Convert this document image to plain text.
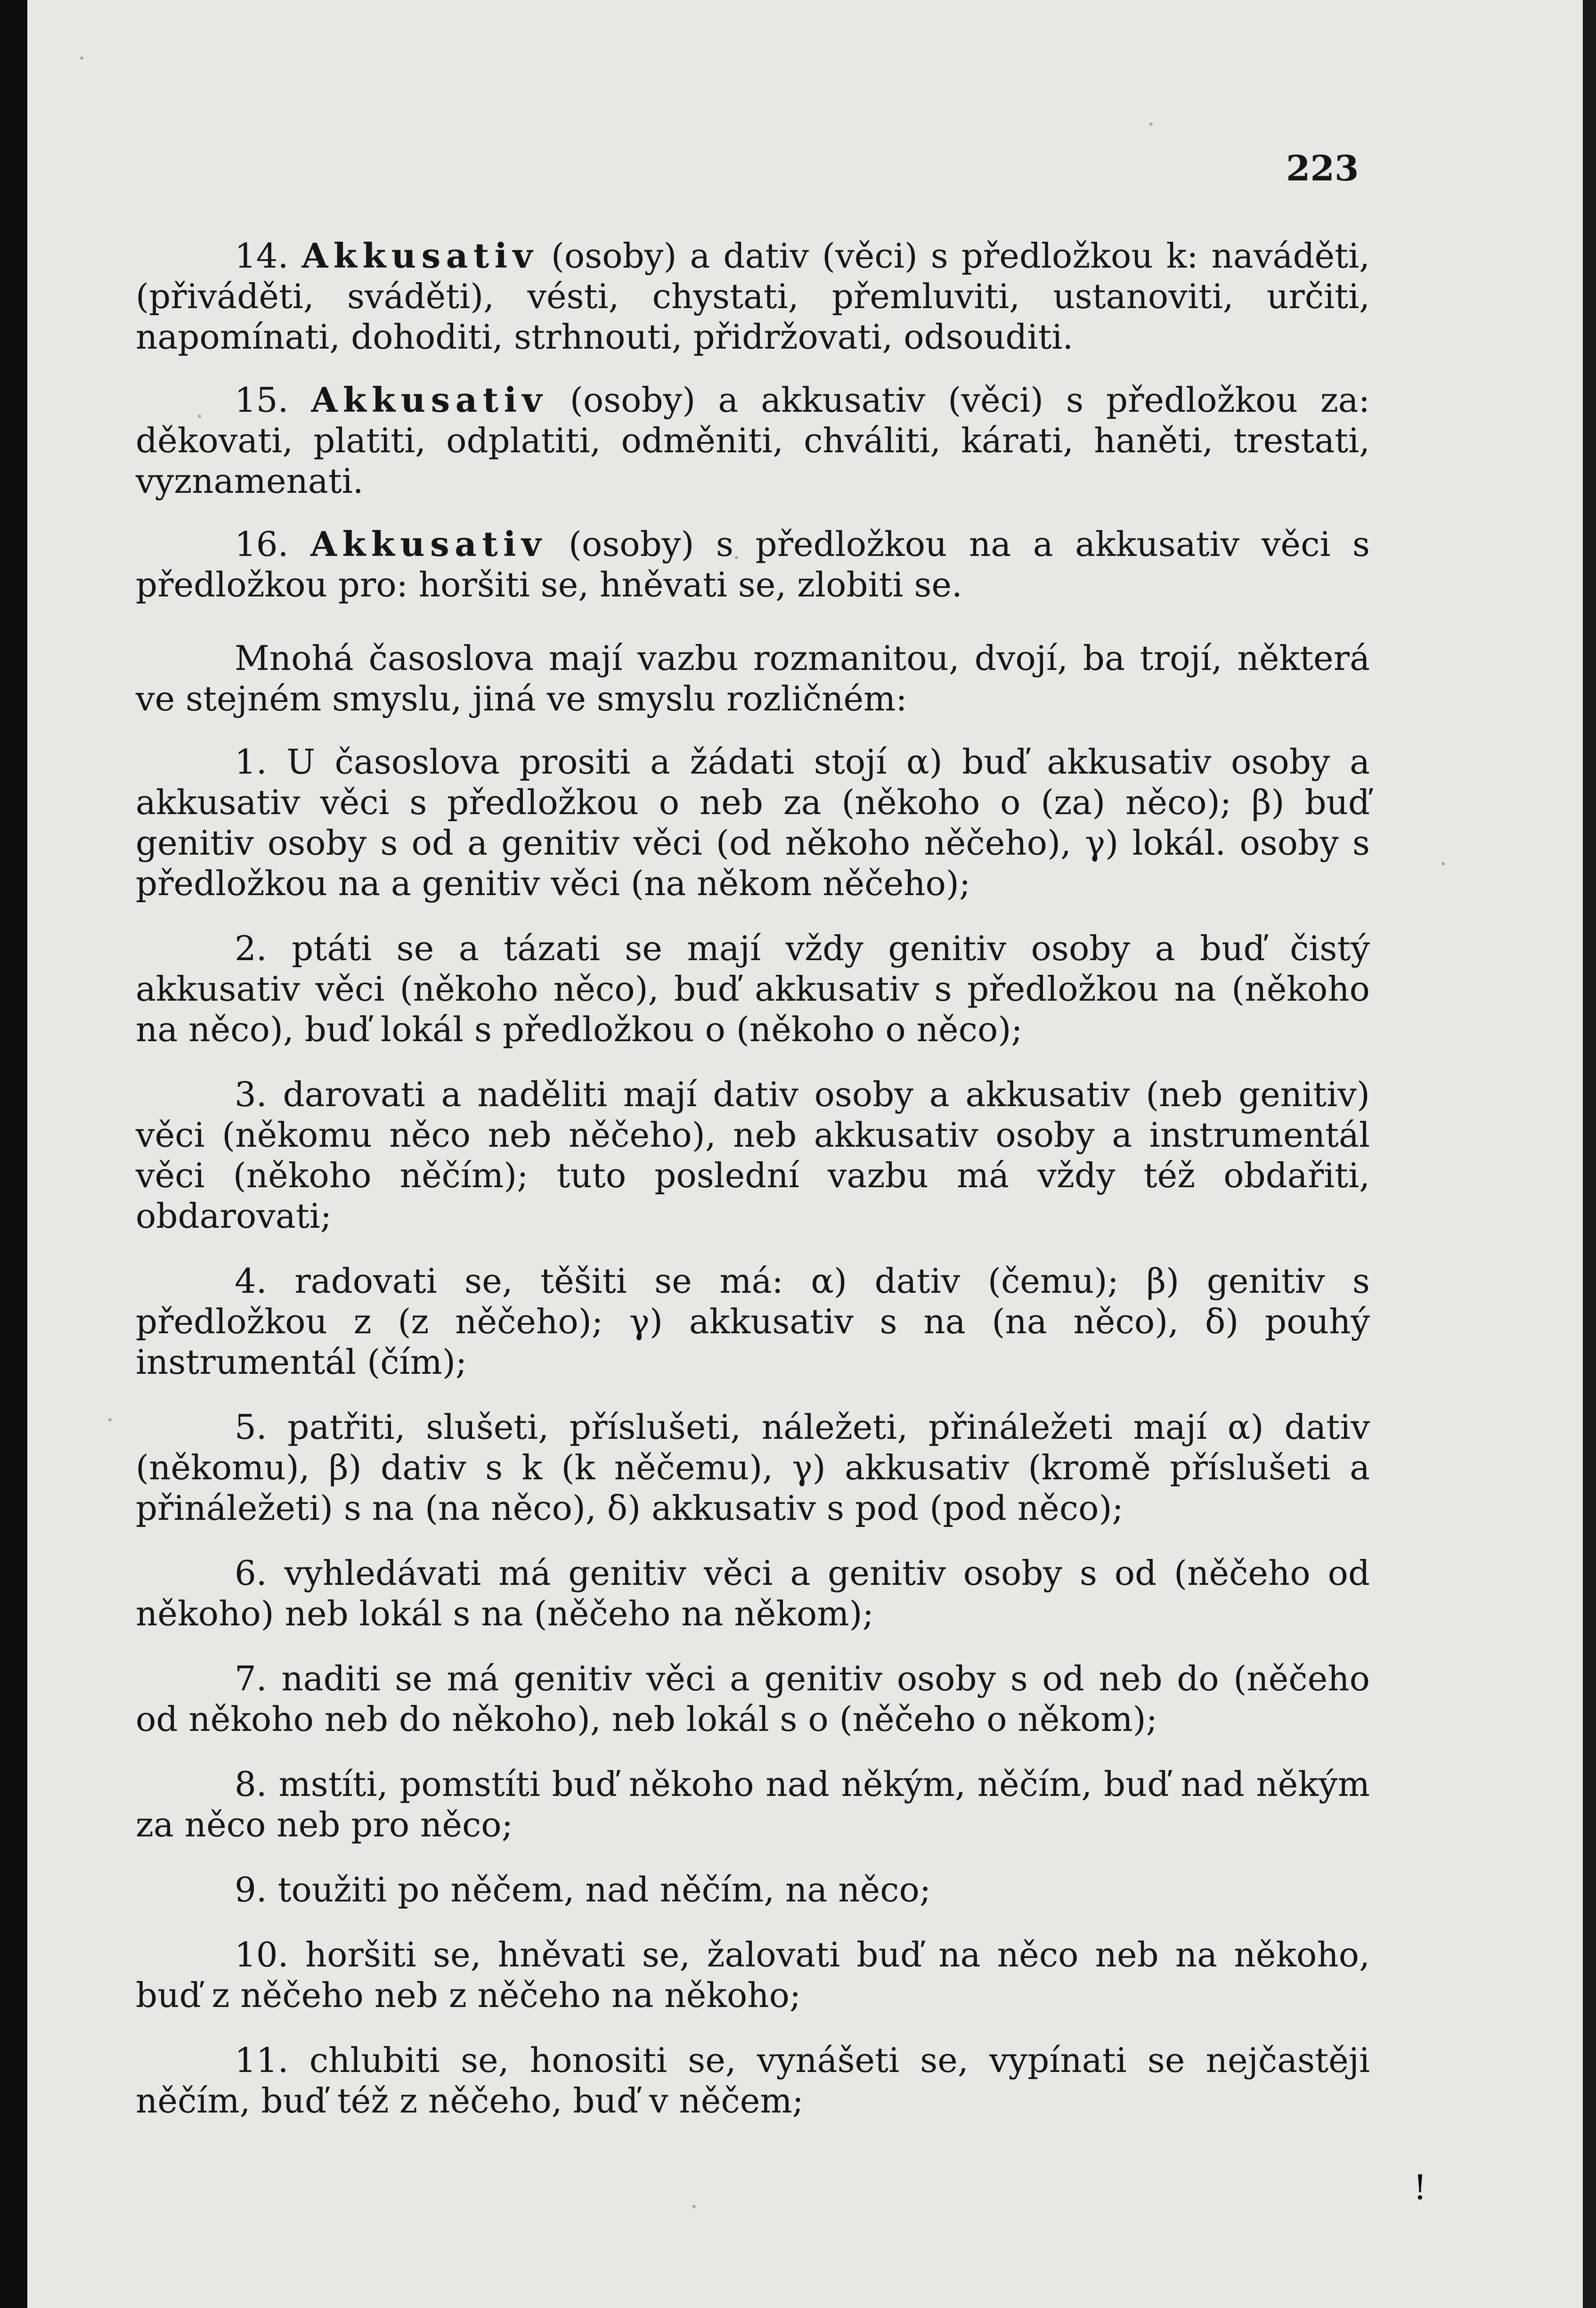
223

14. Akkusativ (osoby) a dativ (věci) s předložkou k: naváděti, (přiváděti, sváděti), vésti, chystati, přemluviti, ustanoviti, určiti, napomínati, dohoditi, strhnouti, přidržovati, odsouditi.

15. Akkusativ (osoby) a akkusativ (věci) s předložkou za: děkovati, platiti, odplatiti, odměniti, chváliti, kárati, haněti, trestati, vyznamenati.

16. Akkusativ (osoby) s předložkou na a akkusativ věci s předložkou pro: horšiti se, hněvati se, zlobiti se.

Mnohá časoslova mají vazbu rozmanitou, dvojí, ba trojí, některá ve stejném smyslu, jiná ve smyslu rozličném:

1. U časoslova prositi a žádati stojí α) buď akkusativ osoby a akkusativ věci s předložkou o neb za (někoho o (za) něco); β) buď genitiv osoby s od a genitiv věci (od někoho něčeho), γ) lokál. osoby s předložkou na a genitiv věci (na někom něčeho);

2. ptáti se a tázati se mají vždy genitiv osoby a buď čistý akkusativ věci (někoho něco), buď akkusativ s předložkou na (někoho na něco), buď lokál s předložkou o (někoho o něco);

3. darovati a naděliti mají dativ osoby a akkusativ (neb genitiv) věci (někomu něco neb něčeho), neb akkusativ osoby a instrumentál věci (někoho něčím); tuto poslední vazbu má vždy též obdařiti, obdarovati;

4. radovati se, těšiti se má: α) dativ (čemu); β) genitiv s předložkou z (z něčeho); γ) akkusativ s na (na něco), δ) pouhý instrumentál (čím);

5. patřiti, slušeti, příslušeti, náležeti, přináležeti mají α) dativ (někomu), β) dativ s k (k něčemu), γ) akkusativ (kromě příslušeti a přináležeti) s na (na něco), δ) akkusativ s pod (pod něco);

6. vyhledávati má genitiv věci a genitiv osoby s od (něčeho od někoho) neb lokál s na (něčeho na někom);

7. naditi se má genitiv věci a genitiv osoby s od neb do (něčeho od někoho neb do někoho), neb lokál s o (něčeho o někom);

8. mstíti, pomstíti buď někoho nad někým, něčím, buď nad někým za něco neb pro něco;

9. toužiti po něčem, nad něčím, na něco;

10. horšiti se, hněvati se, žalovati buď na něco neb na někoho, buď z něčeho neb z něčeho na někoho;

11. chlubiti se, honositi se, vynášeti se, vypínati se nejčastěji něčím, buď též z něčeho, buď v něčem;

!
